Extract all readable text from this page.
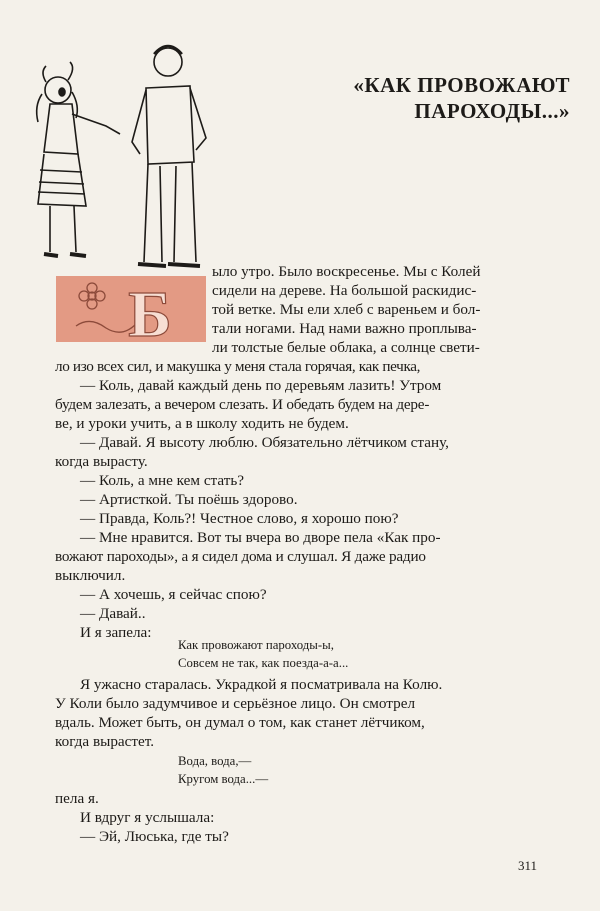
«КАК ПРОВОЖАЮТ
ПАРОХОДЫ...»
Б
ыло утро. Было воскресенье. Мы с Колей
сидели на дереве. На большой раскидис-
той ветке. Мы ели хлеб с вареньем и бол-
тали ногами. Над нами важно проплыва-
ли толстые белые облака, а солнце свети-
ло изо всех сил, и макушка у меня стала горячая, как печка,
— Коль, давай каждый день по деревьям лазить! Утром
будем залезать, а вечером слезать. И обедать будем на дере-
ве, и уроки учить, а в школу ходить не будем.
— Давай. Я высоту люблю. Обязательно лётчиком стану,
когда вырасту.
— Коль, а мне кем стать?
— Артисткой. Ты поёшь здорово.
— Правда, Коль?! Честное слово, я хорошо пою?
— Мне нравится. Вот ты вчера во дворе пела «Как про-
вожают пароходы», а я сидел дома и слушал. Я даже радио
выключил.
— А хочешь, я сейчас спою?
— Давай..
И я запела:
Как провожают пароходы-ы,
Совсем не так, как поезда-а-а...
Я ужасно старалась. Украдкой я посматривала на Колю.
У Коли было задумчивое и серьёзное лицо. Он смотрел
вдаль. Может быть, он думал о том, как станет лётчиком,
когда вырастет.
Вода, вода,—
Кругом вода...—
пела я.
И вдруг я услышала:
— Эй, Люська, где ты?
311
